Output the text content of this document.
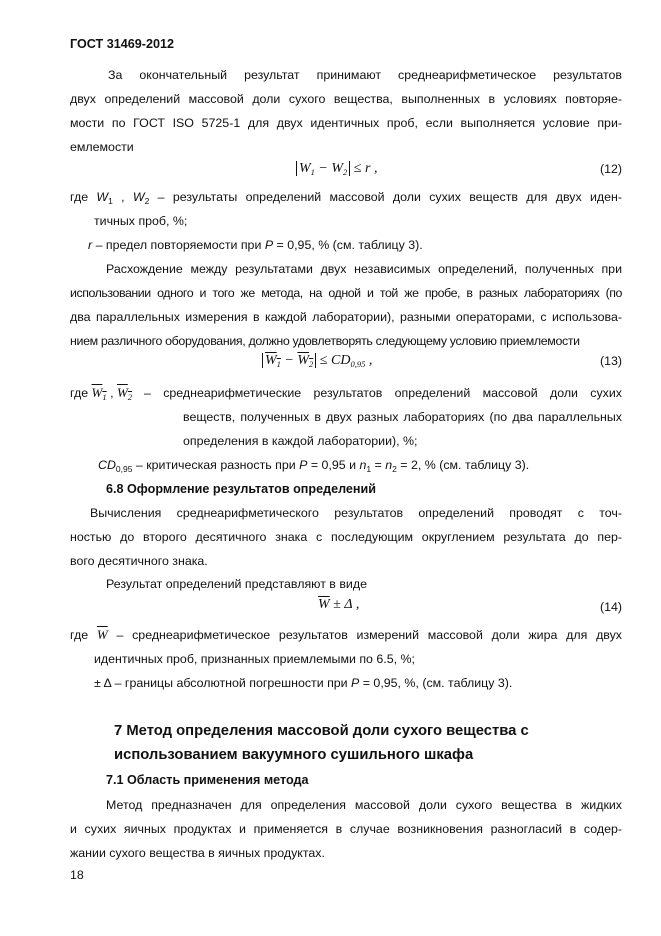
ГОСТ 31469-2012
За окончательный результат принимают среднеарифметическое результатов
двух определений массовой доли сухого вещества, выполненных в условиях повторяе-
мости по ГОСТ ISO 5725-1 для двух идентичных проб, если выполняется условие при-
емлемости
$W_1 - W_2 \le r$ ,	(12)
где $W_1$ , $W_2$ – результаты определений массовой доли сухих веществ для двух иден-
тичных проб, %;
r – предел повторяемости при P = 0,95, % (см. таблицу 3).
Расхождение между результатами двух независимых определений, полученных при
использовании одного и того же метода, на одной и той же пробе, в разных лабораториях (по
два параллельных измерения в каждой лаборатории), разными операторами, с использова-
нием различного оборудования, должно удовлетворять следующему условию приемлемости
$W_1 - W_2 \le CD_{0,95}$ ,	(13)
где $W_1$ , $W_2$ – среднеарифметические результатов определений массовой доли сухих
веществ, полученных в двух разных лабораториях (по два параллельных
определения в каждой лаборатории), %;
$CD_{0,95}$ – критическая разность при P = 0,95 и $n_1 = n_2 = 2$, % (см. таблицу 3).
6.8 Оформление результатов определений
Вычисления среднеарифметического результатов определений проводят с точ-
ностью до второго десятичного знака с последующим округлением результата до пер-
вого десятичного знака.
Результат определений представляют в виде
$\overline{W} \pm \Delta$ ,	(14)
где $\overline{W}$ – среднеарифметическое результатов измерений массовой доли жира для двух
идентичных проб, признанных приемлемыми по 6.5, %;
± Δ – границы абсолютной погрешности при P = 0,95, %, (см. таблицу 3).
7 Метод определения массовой доли сухого вещества с
использованием вакуумного сушильного шкафа
7.1 Область применения метода
Метод предназначен для определения массовой доли сухого вещества в жидких
и сухих яичных продуктах и применяется в случае возникновения разногласий в содер-
жании сухого вещества в яичных продуктах.
18
